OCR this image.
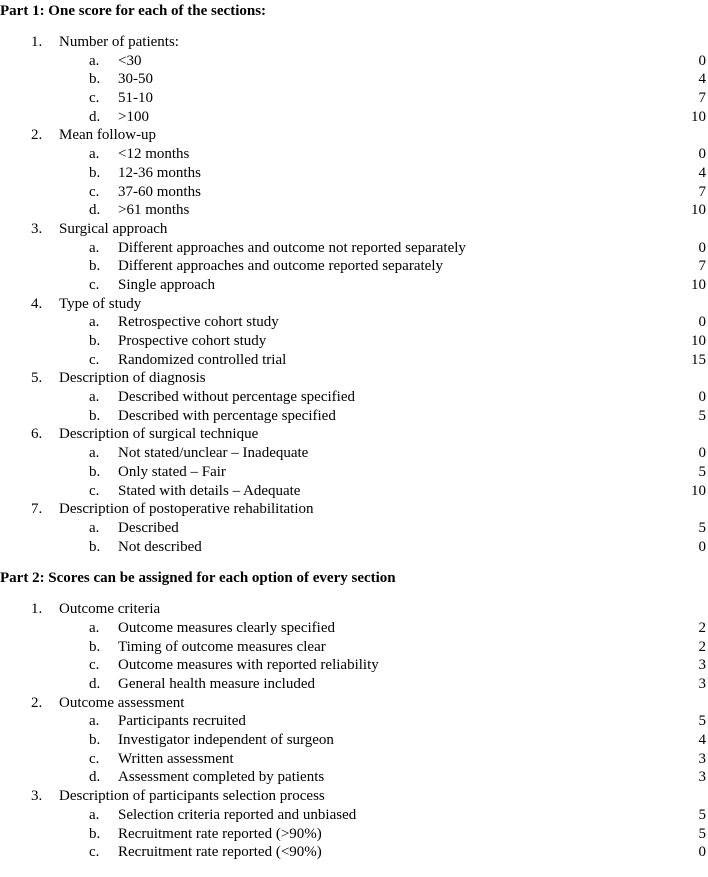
Part 1: One score for each of the sections:
1.	Number of patients:
a.	<30	0
b.	30-50	4
c.	51-10	7
d.	>100	10
2.	Mean follow-up
a.	<12 months	0
b.	12-36 months	4
c.	37-60 months	7
d.	>61 months	10
3.	Surgical approach
a.	Different approaches and outcome not reported separately	0
b.	Different approaches and outcome reported separately	7
c.	Single approach	10
4.	Type of study
a.	Retrospective cohort study	0
b.	Prospective cohort study	10
c.	Randomized controlled trial	15
5.	Description of diagnosis
a.	Described without percentage specified	0
b.	Described with percentage specified	5
6.	Description of surgical technique
a.	Not stated/unclear – Inadequate	0
b.	Only stated – Fair	5
c.	Stated with details – Adequate	10
7.	Description of postoperative rehabilitation
a.	Described	5
b.	Not described	0
Part 2: Scores can be assigned for each option of every section
1.	Outcome criteria
a.	Outcome measures clearly specified	2
b.	Timing of outcome measures clear	2
c.	Outcome measures with reported reliability	3
d.	General health measure included	3
2.	Outcome assessment
a.	Participants recruited	5
b.	Investigator independent of surgeon	4
c.	Written assessment	3
d.	Assessment completed by patients	3
3.	Description of participants selection process
a.	Selection criteria reported and unbiased	5
b.	Recruitment rate reported (>90%)	5
c.	Recruitment rate reported (<90%)	0
